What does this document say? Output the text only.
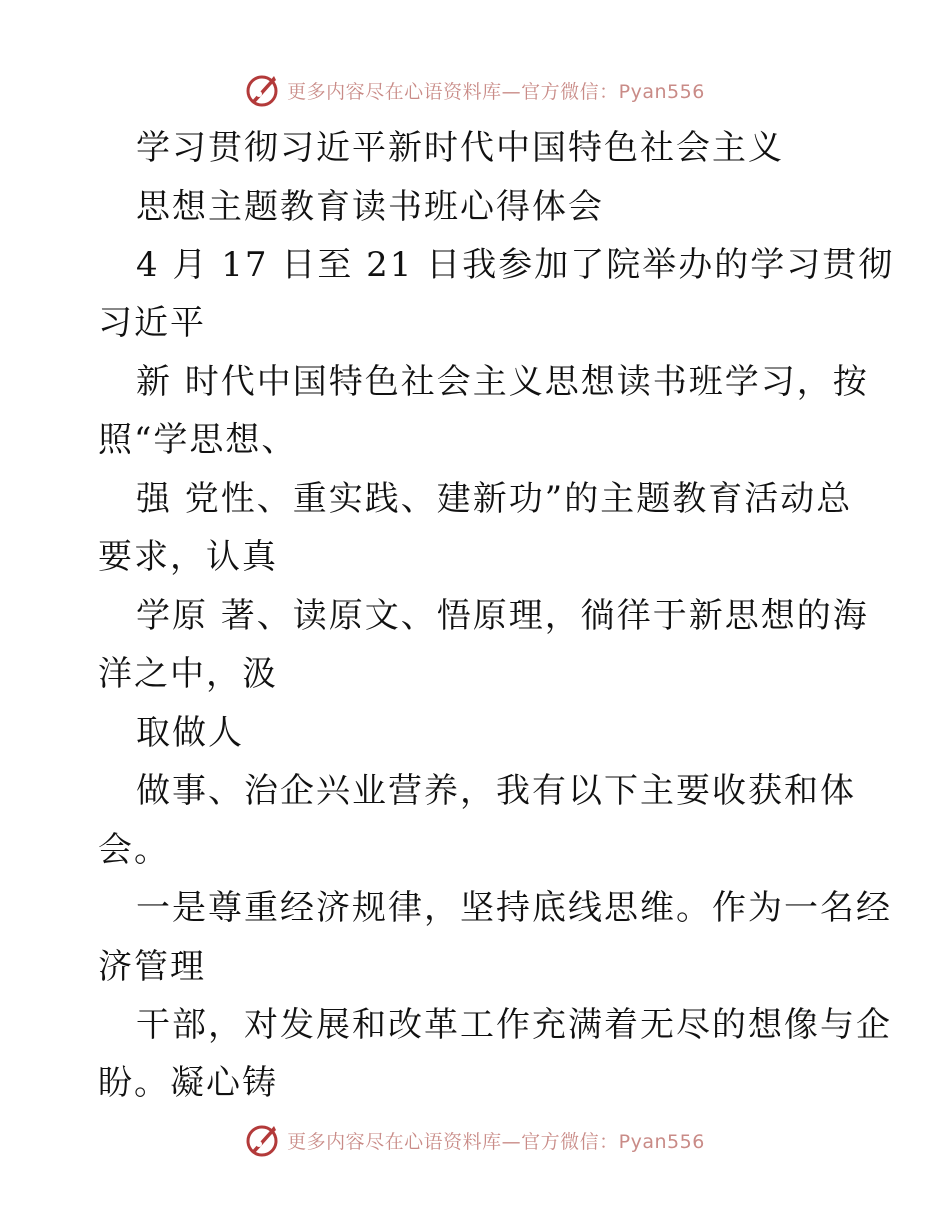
更多内容尽在心语资料库—官方微信：Pyan556
学习贯彻习近平新时代中国特色社会主义
思想主题教育读书班心得体会
4 月 17 日至 21 日我参加了院举办的学习贯彻
习近平
新 时代中国特色社会主义思想读书班学习，按
照“学思想、
强 党性、重实践、建新功”的主题教育活动总
要求，认真
学原 著、读原文、悟原理，徜徉于新思想的海
洋之中，汲
取做人
做事、治企兴业营养，我有以下主要收获和体
会。
一是尊重经济规律，坚持底线思维。作为一名经
济管理
干部，对发展和改革工作充满着无尽的想像与企
盼。凝心铸
更多内容尽在心语资料库—官方微信：Pyan556
